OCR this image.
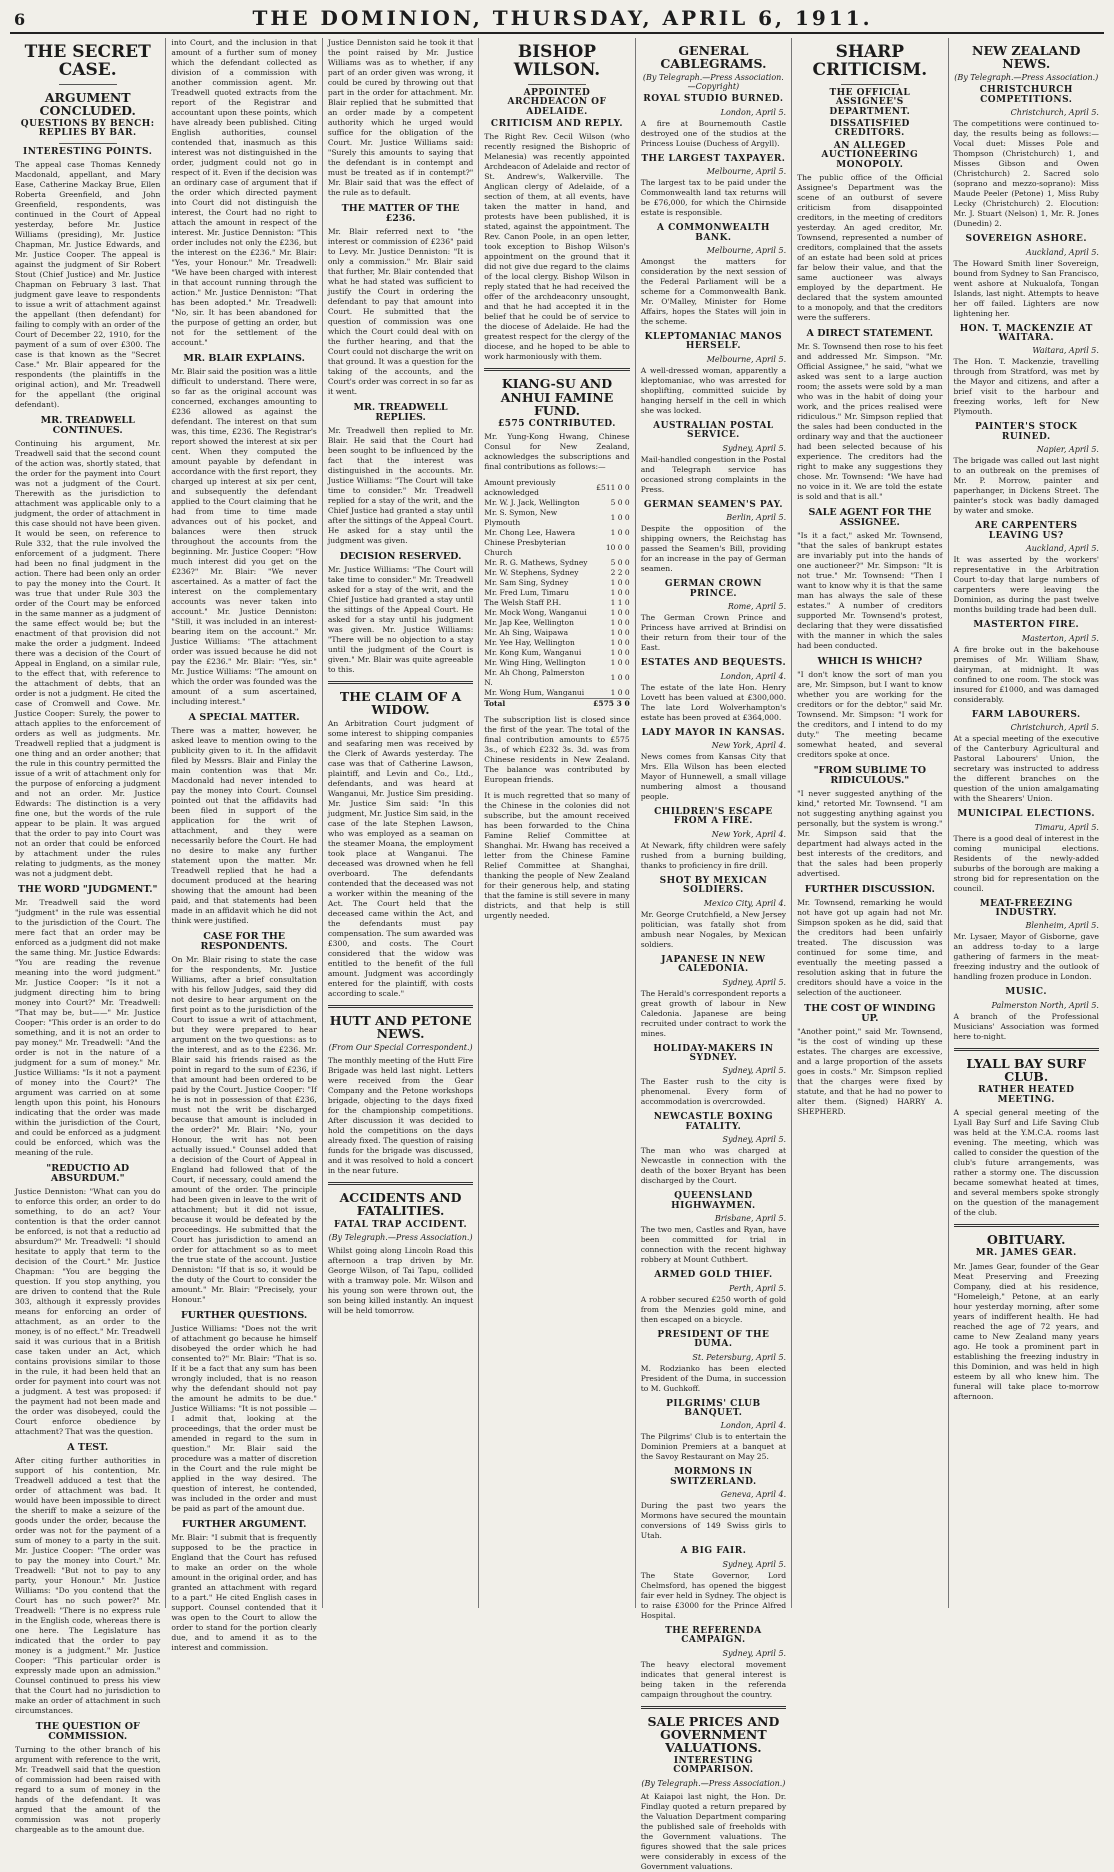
6	THE DOMINION, THURSDAY, APRIL 6, 1911.
THE SECRET CASE.
ARGUMENT CONCLUDED.
QUESTIONS BY BENCH: REPLIES BY BAR.
INTERESTING POINTS.

The appeal case Thomas Kennedy Macdonald, appellant, and Mary Ease, Catherine Mackay Brue, Ellen Roberta Greenfield, and John Greenfield, respondents, was continued in the Court of Appeal yesterday, before Mr. Justice Williams (presiding), Mr. Justice Chapman, Mr. Justice Edwards, and Mr. Justice Cooper. The appeal is against the judgment of Sir Robert Stout (Chief Justice) and Mr. Justice Chapman on February 3 last. That judgment gave leave to respondents to issue a writ of attachment against the appellant (then defendant) for failing to comply with an order of the Court of December 22, 1910, for the payment of a sum of over £300. The case is that known as the "Secret Case." Mr. Blair appeared for the respondents (the plaintiffs in the original action), and Mr. Treadwell for the appellant (the original defendant).

MR. TREADWELL CONTINUES.

Continuing his argument, Mr. Treadwell said that the second count of the action was, shortly stated, that the order for the payment into Court was not a judgment of the Court. Therewith as the jurisdiction to attachment was applicable only to a judgment, the order of attachment in this case should not have been given. It would be seen, on reference to Rule 332, that the rule involved the enforcement of a judgment. There had been no final judgment in the action. There had been only an order to pay the money into the Court. It was true that under Rule 303 the order of the Court may be enforced in the same manner as a judgment of the same effect would be; but the enactment of that provision did not make the order a judgment. Indeed there was a decision of the Court of Appeal in England, on a similar rule, to the effect that, with reference to the attachment of debts, that an order is not a judgment. He cited the case of Cromwell and Cowe. Mr. Justice Cooper: Surely, the power to attach applies to the enforcement of orders as well as judgments. Mr. Treadwell replied that a judgment is one thing and an order another; that the rule in this country permitted the issue of a writ of attachment only for the purpose of enforcing a judgment and not an order. Mr. Justice Edwards: The distinction is a very fine one, but the words of the rule appear to be plain. It was argued that the order to pay into Court was not an order that could be enforced by attachment under the rules relating to judgments, as the money was not a judgment debt.

THE WORD "JUDGMENT."

Mr. Treadwell said the word "judgment" in the rule was essential to the jurisdiction of the Court. The mere fact that an order may be enforced as a judgment did not make the same thing. Mr. Justice Edwards: "You are reading the revenue meaning into the word judgment." Mr. Justice Cooper: "Is it not a judgment directing him to bring money into Court?" Mr. Treadwell: "That may be, but——" Mr. Justice Cooper: "This order is an order to do something, and it is not an order to pay money." Mr. Treadwell: "And the order is not in the nature of a judgment for a sum of money." Mr. Justice Williams: "Is it not a payment of money into the Court?" The argument was carried on at some length upon this point, his Honours indicating that the order was made within the jurisdiction of the Court, and could be enforced as a judgment could be enforced, which was the meaning of the rule.

"REDUCTIO AD ABSURDUM."

Justice Denniston: "What can you do to enforce this order, an order to do something, to do an act? Your contention is that the order cannot be enforced, is not that a reductio ad absurdum?" Mr. Treadwell: "I should hesitate to apply that term to the decision of the Court." Mr. Justice Chapman: "You are begging the question. If you stop anything, you are driven to contend that the Rule 303, although it expressly provides means for enforcing an order of attachment, as an order to the money, is of no effect." Mr. Treadwell said it was curious that in a British case taken under an Act, which contains provisions similar to those in the rule, it had been held that an order for payment into court was not a judgment. A test was proposed: if the payment had not been made and the order was disobeyed, could the Court enforce obedience by attachment? That was the question.

A TEST.

After citing further authorities in support of his contention, Mr. Treadwell adduced a test that the order of attachment was bad. It would have been impossible to direct the sheriff to make a seizure of the goods under the order, because the order was not for the payment of a sum of money to a party in the suit. Mr. Justice Cooper: "The order was to pay the money into Court." Mr. Treadwell: "But not to pay to any party, your Honour." Mr. Justice Williams: "Do you contend that the Court has no such power?" Mr. Treadwell: "There is no express rule in the English code, whereas there is one here. The Legislature has indicated that the order to pay money is a judgment." Mr. Justice Cooper: "This particular order is expressly made upon an admission." Counsel continued to press his view that the Court had no jurisdiction to make an order of attachment in such circumstances.

THE QUESTION OF COMMISSION.

Turning to the other branch of his argument with reference to the writ, Mr. Treadwell said that the question of commission had been raised with regard to a sum of money in the hands of the defendant. It was argued that the amount of the commission was not properly chargeable as to the amount due.

into Court, and the inclusion in that amount of a further sum of money which the defendant collected as division of a commission with another commission agent. Mr. Treadwell quoted extracts from the report of the Registrar and accountant upon these points, which have already been published. Citing English authorities, counsel contended that, inasmuch as this interest was not distinguished in the order, judgment could not go in respect of it. Even if the decision was an ordinary case of argument that if the order which directed payment into Court did not distinguish the interest, the Court had no right to attach the amount in respect of the interest. Mr. Justice Denniston: "This order includes not only the £236, but the interest on the £236." Mr. Blair: "Yes, your Honour." Mr. Treadwell: "We have been charged with interest in that account running through the action." Mr. Justice Denniston: "That has been adopted." Mr. Treadwell: "No, sir. It has been abandoned for the purpose of getting an order, but not for the settlement of the account."

MR. BLAIR EXPLAINS.

Mr. Blair said the position was a little difficult to understand. There were, so far as the original account was concerned, exchanges amounting to £236 allowed as against the defendant. The interest on that sum was, this time, £236. The Registrar's report showed the interest at six per cent. When they computed the amount payable by defendant in accordance with the first report, they charged up interest at six per cent, and subsequently the defendant applied to the Court claiming that he had from time to time made advances out of his pocket, and balances were then struck throughout the accounts from the beginning. Mr. Justice Cooper: "How much interest did you get on the £236?" Mr. Blair: "We never ascertained. As a matter of fact the interest on the complementary accounts was never taken into account." Mr. Justice Denniston: "Still, it was included in an interest-bearing item on the account." Mr. Justice Williams: "The attachment order was issued because he did not pay the £236." Mr. Blair: "Yes, sir." Mr. Justice Williams: "The amount on which the order was founded was the amount of a sum ascertained, including interest."

A SPECIAL MATTER.

There was a matter, however, he asked leave to mention owing to the publicity given to it. In the affidavit filed by Messrs. Blair and Finlay the main contention was that Mr. Macdonald had never intended to pay the money into Court. Counsel pointed out that the affidavits had been filed in support of the application for the writ of attachment, and they were necessarily before the Court. He had no desire to make any further statement upon the matter. Mr. Treadwell replied that he had a document produced at the hearing showing that the amount had been paid, and that statements had been made in an affidavit which he did not think were justified.

CASE FOR THE RESPONDENTS.

On Mr. Blair rising to state the case for the respondents, Mr. Justice Williams, after a brief consultation with his fellow Judges, said they did not desire to hear argument on the first point as to the jurisdiction of the Court to issue a writ of attachment, but they were prepared to hear argument on the two questions: as to the interest, and as to the £236. Mr. Blair said his friends raised as the point in regard to the sum of £236, if that amount had been ordered to be paid by the Court. Justice Cooper: "If he is not in possession of that £236, must not the writ be discharged because that amount is included in the order?" Mr. Blair: "No, your Honour, the writ has not been actually issued." Counsel added that a decision of the Court of Appeal in England had followed that of the Court, if necessary, could amend the amount of the order. The principle had been given in leave to the writ of attachment; but it did not issue, because it would be defeated by the proceedings. He submitted that the Court has jurisdiction to amend an order for attachment so as to meet the true state of the account. Justice Denniston: "If that is so, it would be the duty of the Court to consider the amount." Mr. Blair: "Precisely, your Honour."

FURTHER QUESTIONS.

Justice Williams: "Does not the writ of attachment go because he himself disobeyed the order which he had consented to?" Mr. Blair: "That is so. If it be a fact that any sum has been wrongly included, that is no reason why the defendant should not pay the amount he admits to be due." Justice Williams: "It is not possible — I admit that, looking at the proceedings, that the order must be amended in regard to the sum in question." Mr. Blair said the procedure was a matter of discretion in the Court and the rule might be applied in the way desired. The question of interest, he contended, was included in the order and must be paid as part of the amount due.

FURTHER ARGUMENT.

Mr. Blair: "I submit that is frequently supposed to be the practice in England that the Court has refused to make an order on the whole amount in the original order, and has granted an attachment with regard to a part." He cited English cases in support. Counsel contended that it was open to the Court to allow the order to stand for the portion clearly due, and to amend it as to the interest and commission.

Justice Denniston said he took it that the point raised by Mr. Justice Williams was as to whether, if any part of an order given was wrong, it could be cured by throwing out that part in the order for attachment. Mr. Blair replied that he submitted that an order made by a competent authority which he urged would suffice for the obligation of the Court. Mr. Justice Williams said: "Surely this amounts to saying that the defendant is in contempt and must be treated as if in contempt?" Mr. Blair said that was the effect of the rule as to default.

THE MATTER OF THE £236.

Mr. Blair referred next to "the interest or commission of £236" paid to Levy. Mr. Justice Denniston: "It is only a commission." Mr. Blair said that further, Mr. Blair contended that what he had stated was sufficient to justify the Court in ordering the defendant to pay that amount into Court. He submitted that the question of commission was one which the Court could deal with on the further hearing, and that the Court could not discharge the writ on that ground. It was a question for the taking of the accounts, and the Court's order was correct in so far as it went.

MR. TREADWELL REPLIES.

Mr. Treadwell then replied to Mr. Blair. He said that the Court had been sought to be influenced by the fact that the interest was distinguished in the accounts. Mr. Justice Williams: "The Court will take time to consider." Mr. Treadwell replied for a stay of the writ, and the Chief Justice had granted a stay until after the sittings of the Appeal Court. He asked for a stay until the judgment was given.

DECISION RESERVED.

Mr. Justice Williams: "The Court will take time to consider." Mr. Treadwell asked for a stay of the writ, and the Chief Justice had granted a stay until the sittings of the Appeal Court. He asked for a stay until his judgment was given. Mr. Justice Williams: "There will be no objection to a stay until the judgment of the Court is given." Mr. Blair was quite agreeable to this.

THE CLAIM OF A WIDOW.

An Arbitration Court judgment of some interest to shipping companies and seafaring men was received by the Clerk of Awards yesterday. The case was that of Catherine Lawson, plaintiff, and Levin and Co., Ltd., defendants, and was heard at Wanganui, Mr. Justice Sim presiding. Mr. Justice Sim said: "In this judgment, Mr. Justice Sim said, in the case of the late Stephen Lawson, who was employed as a seaman on the steamer Moana, the employment took place at Wanganui. The deceased was drowned when he fell overboard. The defendants contended that the deceased was not a worker within the meaning of the Act. The Court held that the deceased came within the Act, and the defendants must pay compensation. The sum awarded was £300, and costs. The Court considered that the widow was entitled to the benefit of the full amount. Judgment was accordingly entered for the plaintiff, with costs according to scale."

HUTT AND PETONE NEWS.
(From Our Special Correspondent.)

The monthly meeting of the Hutt Fire Brigade was held last night. Letters were received from the Gear Company and the Petone workshops brigade, objecting to the days fixed for the championship competitions. After discussion it was decided to hold the competitions on the days already fixed. The question of raising funds for the brigade was discussed, and it was resolved to hold a concert in the near future.

ACCIDENTS AND FATALITIES.
FATAL TRAP ACCIDENT.
(By Telegraph.—Press Association.)

Whilst going along Lincoln Road this afternoon a trap driven by Mr. George Wilson, of Tai Tapu, collided with a tramway pole. Mr. Wilson and his young son were thrown out, the son being killed instantly. An inquest will be held tomorrow.

BISHOP WILSON.
APPOINTED ARCHDEACON OF ADELAIDE.
CRITICISM AND REPLY.

The Right Rev. Cecil Wilson (who recently resigned the Bishopric of Melanesia) was recently appointed Archdeacon of Adelaide and rector of St. Andrew's, Walkerville. The Anglican clergy of Adelaide, of a section of them, at all events, have taken the matter in hand, and protests have been published, it is stated, against the appointment. The Rev. Canon Poole, in an open letter, took exception to Bishop Wilson's appointment on the ground that it did not give due regard to the claims of the local clergy. Bishop Wilson in reply stated that he had received the offer of the archdeaconry unsought, and that he had accepted it in the belief that he could be of service to the diocese of Adelaide. He had the greatest respect for the clergy of the diocese, and he hoped to be able to work harmoniously with them.

KIANG-SU AND ANHUI FAMINE FUND.
£575 CONTRIBUTED.

Mr. Yung-Kong Hwang, Chinese Consul for New Zealand, acknowledges the subscriptions and final contributions as follows:—

Amount previously acknowledged	£511 0 0
Mr. W. J. Jack, Wellington	5 0 0
Mr. S. Symon, New Plymouth	1 0 0
Mr. Chong Lee, Hawera	1 0 0
Chinese Presbyterian Church	10 0 0
Mr. R. G. Mathews, Sydney	5 0 0
Mr. W. Stephens, Sydney	2 2 0
Mr. Sam Sing, Sydney	1 0 0
Mr. Fred Lum, Timaru	1 0 0
The Welsh Staff P.H.	1 1 0
Mr. Mock Wong, Wanganui	1 0 0
Mr. Jap Kee, Wellington	1 0 0
Mr. Ah Sing, Waipawa	1 0 0
Mr. Yee Hay, Wellington	1 0 0
Mr. Kong Kum, Wanganui	1 0 0
Mr. Wing Hing, Wellington	1 0 0
Mr. Ah Chong, Palmerston N.	1 0 0
Mr. Wong Hum, Wanganui	1 0 0
Total	£575 3 0

The subscription list is closed since the first of the year. The total of the final contribution amounts to £575 3s., of which £232 3s. 3d. was from Chinese residents in New Zealand. The balance was contributed by European friends.

It is much regretted that so many of the Chinese in the colonies did not subscribe, but the amount received has been forwarded to the China Famine Relief Committee at Shanghai. Mr. Hwang has received a letter from the Chinese Famine Relief Committee at Shanghai, thanking the people of New Zealand for their generous help, and stating that the famine is still severe in many districts, and that help is still urgently needed.

GENERAL CABLEGRAMS.
(By Telegraph.—Press Association.—Copyright)
ROYAL STUDIO BURNED.
London, April 5.

A fire at Bournemouth Castle destroyed one of the studios at the Princess Louise (Duchess of Argyll).

THE LARGEST TAXPAYER.
Melbourne, April 5.

The largest tax to be paid under the Commonwealth land tax returns will be £76,000, for which the Chirnside estate is responsible.

A COMMONWEALTH BANK.
Melbourne, April 5.

Amongst the matters for consideration by the next session of the Federal Parliament will be a scheme for a Commonwealth Bank. Mr. O'Malley, Minister for Home Affairs, hopes the States will join in the scheme.

KLEPTOMANIAC MANOS HERSELF.
Melbourne, April 5.

A well-dressed woman, apparently a kleptomaniac, who was arrested for shoplifting, committed suicide by hanging herself in the cell in which she was locked.

AUSTRALIAN POSTAL SERVICE.
Sydney, April 5.

Mail-handled congestion in the Postal and Telegraph service has occasioned strong complaints in the Press.

GERMAN SEAMEN'S PAY.
Berlin, April 5.

Despite the opposition of the shipping owners, the Reichstag has passed the Seamen's Bill, providing for an increase in the pay of German seamen.

GERMAN CROWN PRINCE.
Rome, April 5.

The German Crown Prince and Princess have arrived at Brindisi on their return from their tour of the East.

ESTATES AND BEQUESTS.
London, April 4.

The estate of the late Hon. Henry Lovett has been valued at £300,000. The late Lord Wolverhampton's estate has been proved at £364,000.

LADY MAYOR IN KANSAS.
New York, April 4.

News comes from Kansas City that Mrs. Ella Wilson has been elected Mayor of Hunnewell, a small village numbering almost a thousand people.

CHILDREN'S ESCAPE FROM A FIRE.
New York, April 4.

At Newark, fifty children were safely rushed from a burning building, thanks to proficiency in fire drill.

SHOT BY MEXICAN SOLDIERS.
Mexico City, April 4.

Mr. George Crutchfield, a New Jersey politician, was fatally shot from ambush near Nogales, by Mexican soldiers.

JAPANESE IN NEW CALEDONIA.
Sydney, April 5.

The Herald's correspondent reports a great growth of labour in New Caledonia. Japanese are being recruited under contract to work the mines.

HOLIDAY-MAKERS IN SYDNEY.
Sydney, April 5.

The Easter rush to the city is phenomenal. Every form of accommodation is overcrowded.

NEWCASTLE BOXING FATALITY.
Sydney, April 5.

The man who was charged at Newcastle in connection with the death of the boxer Bryant has been discharged by the Court.

QUEENSLAND HIGHWAYMEN.
Brisbane, April 5.

The two men, Castles and Ryan, have been committed for trial in connection with the recent highway robbery at Mount Cuthbert.

ARMED GOLD THIEF.
Perth, April 5.

A robber secured £250 worth of gold from the Menzies gold mine, and then escaped on a bicycle.

PRESIDENT OF THE DUMA.
St. Petersburg, April 5.

M. Rodzianko has been elected President of the Duma, in succession to M. Guchkoff.

PILGRIMS' CLUB BANQUET.
London, April 4.

The Pilgrims' Club is to entertain the Dominion Premiers at a banquet at the Savoy Restaurant on May 25.

MORMONS IN SWITZERLAND.
Geneva, April 4.

During the past two years the Mormons have secured the mountain conversions of 149 Swiss girls to Utah.

A BIG FAIR.
Sydney, April 5.

The State Governor, Lord Chelmsford, has opened the biggest fair ever held in Sydney. The object is to raise £3000 for the Prince Alfred Hospital.

THE REFERENDA CAMPAIGN.
Sydney, April 5.

The heavy electoral movement indicates that general interest is being taken in the referenda campaign throughout the country.

SALE PRICES AND GOVERNMENT VALUATIONS.
INTERESTING COMPARISON.
(By Telegraph.—Press Association.)

At Kaiapoi last night, the Hon. Dr. Findlay quoted a return prepared by the Valuation Department comparing the published sale of freeholds with the Government valuations. The figures showed that the sale prices were considerably in excess of the Government valuations.

SHARP CRITICISM.
THE OFFICIAL ASSIGNEE'S DEPARTMENT.
DISSATISFIED CREDITORS.
AN ALLEGED AUCTIONEERING MONOPOLY.

The public office of the Official Assignee's Department was the scene of an outburst of severe criticism from disappointed creditors, in the meeting of creditors yesterday. An aged creditor, Mr. Townsend, represented a number of creditors, complained that the assets of an estate had been sold at prices far below their value, and that the same auctioneer was always employed by the department. He declared that the system amounted to a monopoly, and that the creditors were the sufferers.

A DIRECT STATEMENT.

Mr. S. Townsend then rose to his feet and addressed Mr. Simpson. "Mr. Official Assignee," he said, "what we asked was sent to a large auction room; the assets were sold by a man who was in the habit of doing your work, and the prices realised were ridiculous." Mr. Simpson replied that the sales had been conducted in the ordinary way and that the auctioneer had been selected because of his experience. The creditors had the right to make any suggestions they chose. Mr. Townsend: "We have had no voice in it. We are told the estate is sold and that is all."

SALE AGENT FOR THE ASSIGNEE.

"Is it a fact," asked Mr. Townsend, "that the sales of bankrupt estates are invariably put into the hands of one auctioneer?" Mr. Simpson: "It is not true." Mr. Townsend: "Then I want to know why it is that the same man has always the sale of these estates." A number of creditors supported Mr. Townsend's protest, declaring that they were dissatisfied with the manner in which the sales had been conducted.

WHICH IS WHICH?

"I don't know the sort of man you are, Mr. Simpson, but I want to know whether you are working for the creditors or for the debtor," said Mr. Townsend. Mr. Simpson: "I work for the creditors, and I intend to do my duty." The meeting became somewhat heated, and several creditors spoke at once.

"FROM SUBLIME TO RIDICULOUS."

"I never suggested anything of the kind," retorted Mr. Townsend. "I am not suggesting anything against you personally, but the system is wrong." Mr. Simpson said that the department had always acted in the best interests of the creditors, and that the sales had been properly advertised.

FURTHER DISCUSSION.

Mr. Townsend, remarking he would not have got up again had not Mr. Simpson spoken as he did, said that the creditors had been unfairly treated. The discussion was continued for some time, and eventually the meeting passed a resolution asking that in future the creditors should have a voice in the selection of the auctioneer.

THE COST OF WINDING UP.

"Another point," said Mr. Townsend, "is the cost of winding up these estates. The charges are excessive, and a large proportion of the assets goes in costs." Mr. Simpson replied that the charges were fixed by statute, and that he had no power to alter them. (Signed) HARRY A. SHEPHERD.

NEW ZEALAND NEWS.
(By Telegraph.—Press Association.)
CHRISTCHURCH COMPETITIONS.
Christchurch, April 5.

The competitions were continued to-day, the results being as follows:—Vocal duet: Misses Pole and Thompson (Christchurch) 1, and Misses Gibson and Owen (Christchurch) 2. Sacred solo (soprano and mezzo-soprano): Miss Maude Peeler (Petone) 1, Miss Ruby Lecky (Christchurch) 2. Elocution: Mr. J. Stuart (Nelson) 1, Mr. R. Jones (Dunedin) 2.

SOVEREIGN ASHORE.
Auckland, April 5.

The Howard Smith liner Sovereign, bound from Sydney to San Francisco, went ashore at Nukualofa, Tongan Islands, last night. Attempts to heave her off failed. Lighters are now lightening her.

HON. T. MACKENZIE AT WAITARA.
Waitara, April 5.

The Hon. T. Mackenzie, travelling through from Stratford, was met by the Mayor and citizens, and after a brief visit to the harbour and freezing works, left for New Plymouth.

PAINTER'S STOCK RUINED.
Napier, April 5.

The brigade was called out last night to an outbreak on the premises of Mr. P. Morrow, painter and paperhanger, in Dickens Street. The painter's stock was badly damaged by water and smoke.

ARE CARPENTERS LEAVING US?
Auckland, April 5.

It was asserted by the workers' representative in the Arbitration Court to-day that large numbers of carpenters were leaving the Dominion, as during the past twelve months building trade had been dull.

MASTERTON FIRE.
Masterton, April 5.

A fire broke out in the bakehouse premises of Mr. William Shaw, dairyman, at midnight. It was confined to one room. The stock was insured for £1000, and was damaged considerably.

FARM LABOURERS.
Christchurch, April 5.

At a special meeting of the executive of the Canterbury Agricultural and Pastoral Labourers' Union, the secretary was instructed to address the different branches on the question of the union amalgamating with the Shearers' Union.

MUNICIPAL ELECTIONS.
Timaru, April 5.

There is a good deal of interest in the coming municipal elections. Residents of the newly-added suburbs of the borough are making a strong bid for representation on the council.

MEAT-FREEZING INDUSTRY.
Blenheim, April 5.

Mr. Lysaer, Mayor of Gisborne, gave an address to-day to a large gathering of farmers in the meat-freezing industry and the outlook of handling frozen produce in London.

MUSIC.
Palmerston North, April 5.

A branch of the Professional Musicians' Association was formed here to-night.

LYALL BAY SURF CLUB.
RATHER HEATED MEETING.

A special general meeting of the Lyall Bay Surf and Life Saving Club was held at the Y.M.C.A. rooms last evening. The meeting, which was called to consider the question of the club's future arrangements, was rather a stormy one. The discussion became somewhat heated at times, and several members spoke strongly on the question of the management of the club.

OBITUARY.
MR. JAMES GEAR.

Mr. James Gear, founder of the Gear Meat Preserving and Freezing Company, died at his residence, "Homeleigh," Petone, at an early hour yesterday morning, after some years of indifferent health. He had reached the age of 72 years, and came to New Zealand many years ago. He took a prominent part in establishing the freezing industry in this Dominion, and was held in high esteem by all who knew him. The funeral will take place to-morrow afternoon.
